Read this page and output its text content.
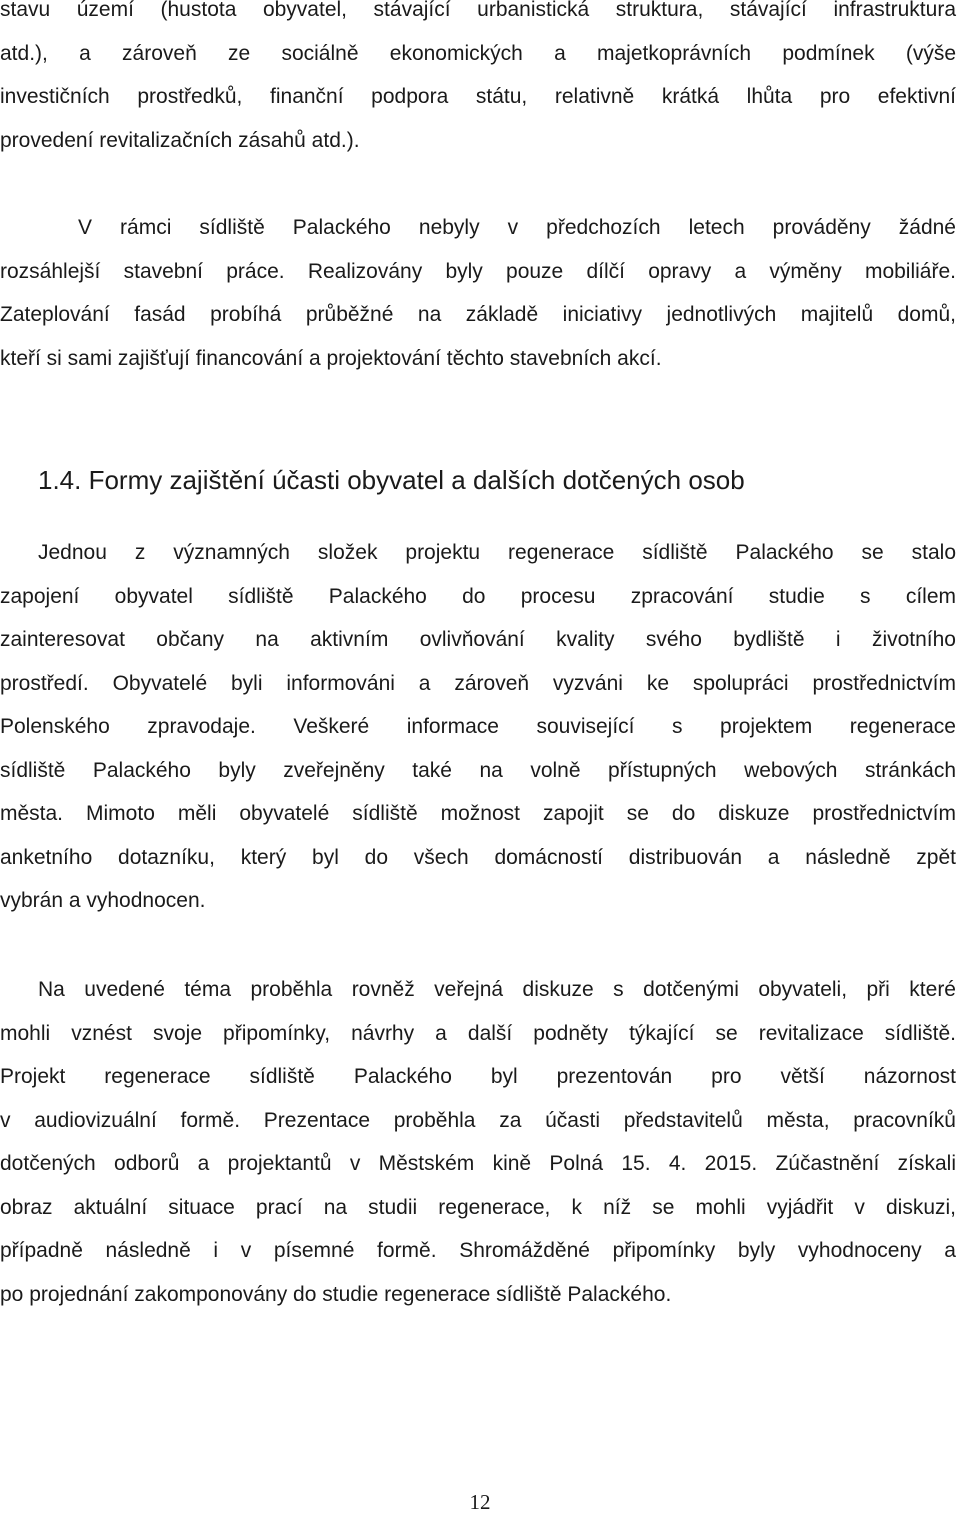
stavu území (hustota obyvatel, stávající urbanistická struktura, stávající infrastruktura
atd.), a zároveň ze sociálně ekonomických a majetkoprávních podmínek (výše
investičních prostředků, finanční podpora státu, relativně krátká lhůta pro efektivní
provedení revitalizačních zásahů atd.).

V rámci sídliště Palackého nebyly v předchozích letech prováděny žádné
rozsáhlejší stavební práce. Realizovány byly pouze dílčí opravy a výměny mobiliáře.
Zateplování fasád probíhá průběžné na základě iniciativy jednotlivých majitelů domů,
kteří si sami zajišťují financování a projektování těchto stavebních akcí.

1.4. Formy zajištění účasti obyvatel a dalších dotčených osob

Jednou z významných složek projektu regenerace sídliště Palackého se stalo
zapojení obyvatel sídliště Palackého do procesu zpracování studie s cílem
zainteresovat občany na aktivním ovlivňování kvality svého bydliště i životního
prostředí. Obyvatelé byli informováni a zároveň vyzváni ke spolupráci prostřednictvím
Polenského zpravodaje. Veškeré informace související s projektem regenerace
sídliště Palackého byly zveřejněny také na volně přístupných webových stránkách
města. Mimoto měli obyvatelé sídliště možnost zapojit se do diskuze prostřednictvím
anketního dotazníku, který byl do všech domácností distribuován a následně zpět
vybrán a vyhodnocen.

Na uvedené téma proběhla rovněž veřejná diskuze s dotčenými obyvateli, při které
mohli vznést svoje připomínky, návrhy a další podněty týkající se revitalizace sídliště.
Projekt regenerace sídliště Palackého byl prezentován pro větší názornost
v audiovizuální formě. Prezentace proběhla za účasti představitelů města, pracovníků
dotčených odborů a projektantů v Městském kině Polná 15. 4. 2015. Zúčastnění získali
obraz aktuální situace prací na studii regenerace, k níž se mohli vyjádřit v diskuzi,
případně následně i v písemné formě. Shromážděné připomínky byly vyhodnoceny a
po projednání zakomponovány do studie regenerace sídliště Palackého.

12
